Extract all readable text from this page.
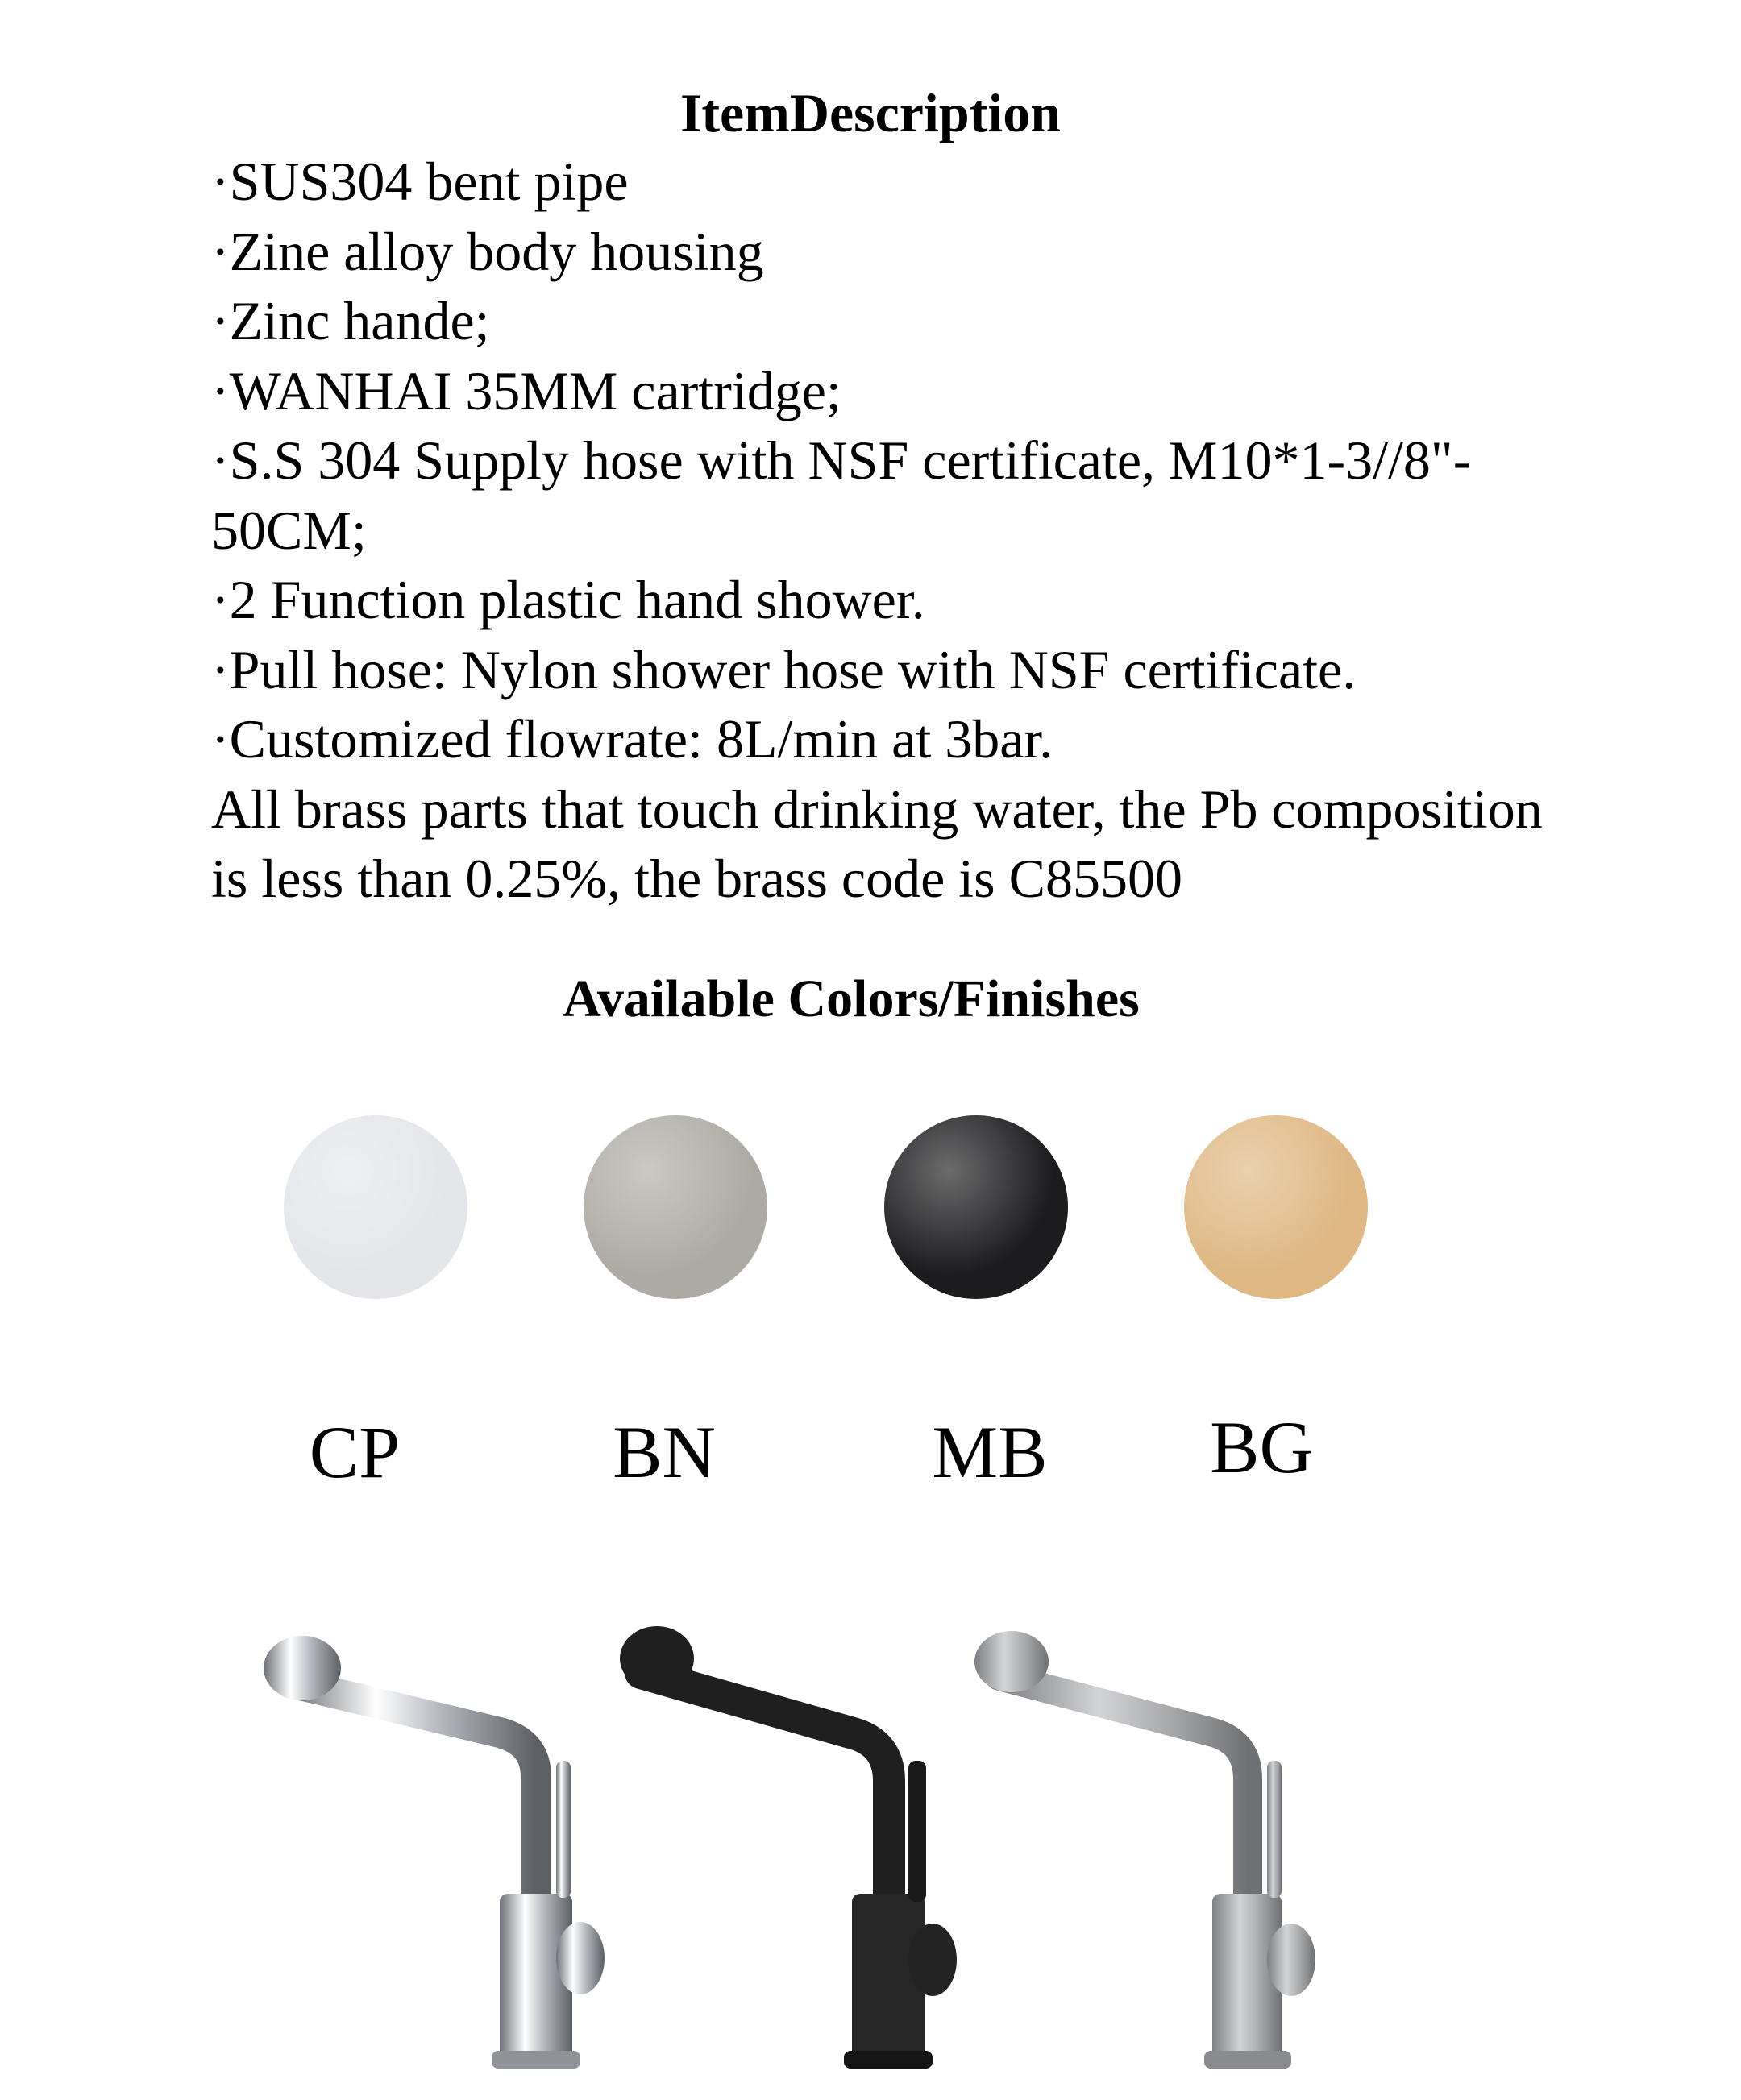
ItemDescription
·SUS304 bent pipe
·Zine alloy body housing
·Zinc hande;
·WANHAI 35MM cartridge;
·S.S 304 Supply hose with NSF certificate, M10*1-3//8"-
50CM;
·2 Function plastic hand shower.
·Pull hose: Nylon shower hose with NSF certificate.
·Customized flowrate: 8L/min at 3bar.
All brass parts that touch drinking water, the Pb composition
is less than 0.25%, the brass code is C85500
Available Colors/Finishes
CP	BN	MB	BG
